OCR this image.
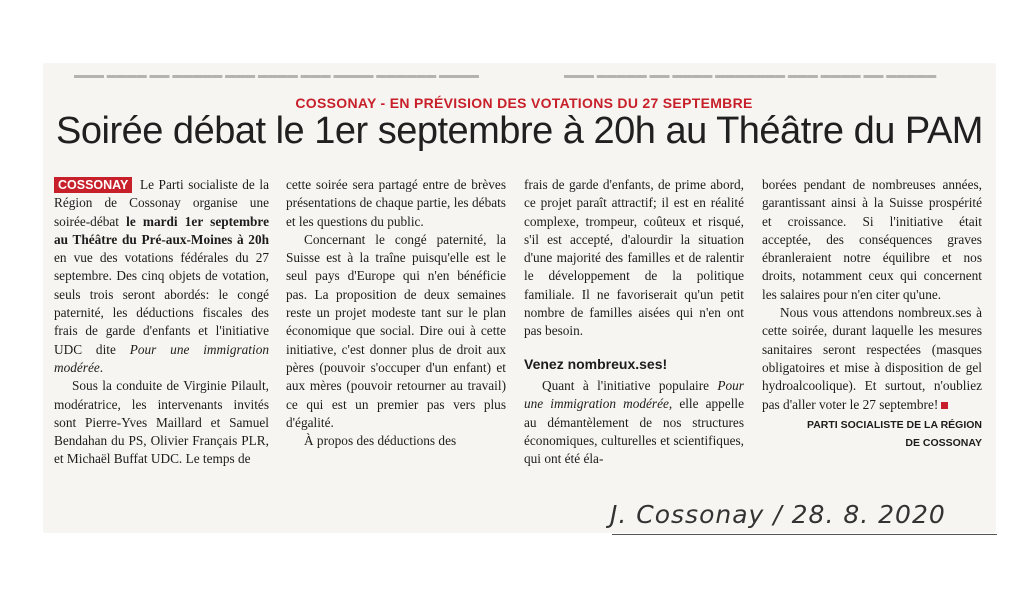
▬▬▬ ▬▬▬▬ ▬▬ ▬▬▬▬▬ ▬▬▬ ▬▬▬▬ ▬▬▬ ▬▬▬▬ ▬▬▬▬▬▬ ▬▬▬▬	▬▬▬ ▬▬▬▬▬ ▬▬ ▬▬▬▬ ▬▬▬▬▬▬▬ ▬▬▬ ▬▬▬▬ ▬▬ ▬▬▬▬▬
COSSONAY - EN PRÉVISION DES VOTATIONS DU 27 SEPTEMBRE
Soirée débat le 1er septembre à 20h au Théâtre du PAM

COSSONAY Le Parti socialiste de la Région de Cossonay organise une soirée-débat le mardi 1er septembre au Théâtre du Pré-aux-Moines à 20h en vue des votations fédérales du 27 septembre. Des cinq objets de votation, seuls trois seront abordés: le congé paternité, les déductions fiscales des frais de garde d'enfants et l'initiative UDC dite Pour une immigration modérée.

Sous la conduite de Virginie Pilault, modératrice, les intervenants invités sont Pierre-Yves Maillard et Samuel Bendahan du PS, Olivier Français PLR, et Michaël Buffat UDC. Le temps de

cette soirée sera partagé entre de brèves présentations de chaque partie, les débats et les questions du public.

Concernant le congé paternité, la Suisse est à la traîne puisqu'elle est le seul pays d'Europe qui n'en bénéficie pas. La proposition de deux semaines reste un projet modeste tant sur le plan économique que social. Dire oui à cette initiative, c'est donner plus de droit aux pères (pouvoir s'occuper d'un enfant) et aux mères (pouvoir retourner au travail) ce qui est un premier pas vers plus d'égalité.

À propos des déductions des

frais de garde d'enfants, de prime abord, ce projet paraît attractif; il est en réalité complexe, trompeur, coûteux et risqué, s'il est accepté, d'alourdir la situation d'une majorité des familles et de ralentir le développement de la politique familiale. Il ne favoriserait qu'un petit nombre de familles aisées qui n'en ont pas besoin.

Venez nombreux.ses!

Quant à l'initiative populaire Pour une immigration modérée, elle appelle au démantèlement de nos structures économiques, culturelles et scientifiques, qui ont été éla-

borées pendant de nombreuses années, garantissant ainsi à la Suisse prospérité et croissance. Si l'initiative était acceptée, des conséquences graves ébranleraient notre équilibre et nos droits, notamment ceux qui concernent les salaires pour n'en citer qu'une.

Nous vous attendons nombreux.ses à cette soirée, durant laquelle les mesures sanitaires seront respectées (masques obligatoires et mise à disposition de gel hydroalcoolique). Et surtout, n'oubliez pas d'aller voter le 27 septembre!

PARTI SOCIALISTE DE LA RÉGION
DE COSSONAY
J. Cossonay / 28. 8. 2020
